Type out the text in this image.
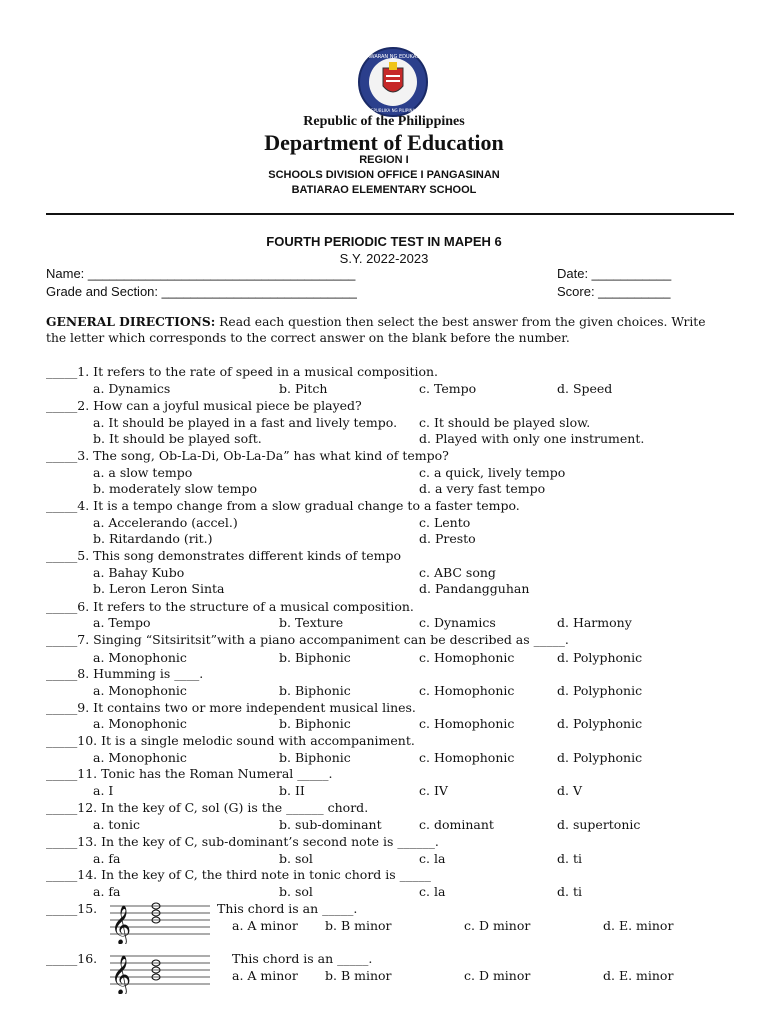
KAGAWARAN NG EDUKASYON
REPUBLIKA NG PILIPINAS
Republic of the Philippines
Department of Education
REGION I
SCHOOLS DIVISION OFFICE I PANGASINAN
BATIARAO ELEMENTARY SCHOOL
FOURTH PERIODIC TEST IN MAPEH 6
S.Y. 2022-2023
Name: _____________________________________
Grade and Section: ___________________________
Date: ___________
Score: __________
GENERAL DIRECTIONS: Read each question then select the best answer from the given choices. Write
the letter which corresponds to the correct answer on the blank before the number.
_____1. It refers to the rate of speed in a musical composition.
a. Dynamics	b. Pitch	c. Tempo	d. Speed
_____2. How can a joyful musical piece be played?
a. It should be played in a fast and lively tempo. c. It should be played slow.
b. It should be played soft.	d. Played with only one instrument.
_____3. The song, Ob-La-Di, Ob-La-Da” has what kind of tempo?
a. a slow tempo	c. a quick, lively tempo
b. moderately slow tempo	d. a very fast tempo
_____4. It is a tempo change from a slow gradual change to a faster tempo.
a. Accelerando (accel.)	c. Lento
b. Ritardando (rit.)	d. Presto
_____5. This song demonstrates different kinds of tempo
a. Bahay Kubo	c. ABC song
b. Leron Leron Sinta	d. Pandangguhan
_____6. It refers to the structure of a musical composition.
a. Tempo	b. Texture	c. Dynamics	d. Harmony
_____7. Singing “Sitsiritsit”with a piano accompaniment can be described as _____.
a. Monophonic	b. Biphonic	c. Homophonic	d. Polyphonic
_____8. Humming is ____.
a. Monophonic	b. Biphonic	c. Homophonic	d. Polyphonic
_____9. It contains two or more independent musical lines.
a. Monophonic	b. Biphonic	c. Homophonic	d. Polyphonic
_____10. It is a single melodic sound with accompaniment.
a. Monophonic	b. Biphonic	c. Homophonic	d. Polyphonic
_____11. Tonic has the Roman Numeral _____.
a. I	b. II	c. IV	d. V
_____12. In the key of C, sol (G) is the ______ chord.
a. tonic	b. sub-dominant	c. dominant	d. supertonic
_____13. In the key of C, sub-dominant’s second note is ______.
a. fa	b. sol	c. la	d. ti
_____14. In the key of C, the third note in tonic chord is _____
a. fa	b. sol	c. la	d. ti
_____15. 𝄞	This chord is an _____.
a. A minor b. B minor	c. D minor	d. E. minor
_____16. 𝄞	This chord is an _____.
a. A minor b. B minor	c. D minor	d. E. minor
